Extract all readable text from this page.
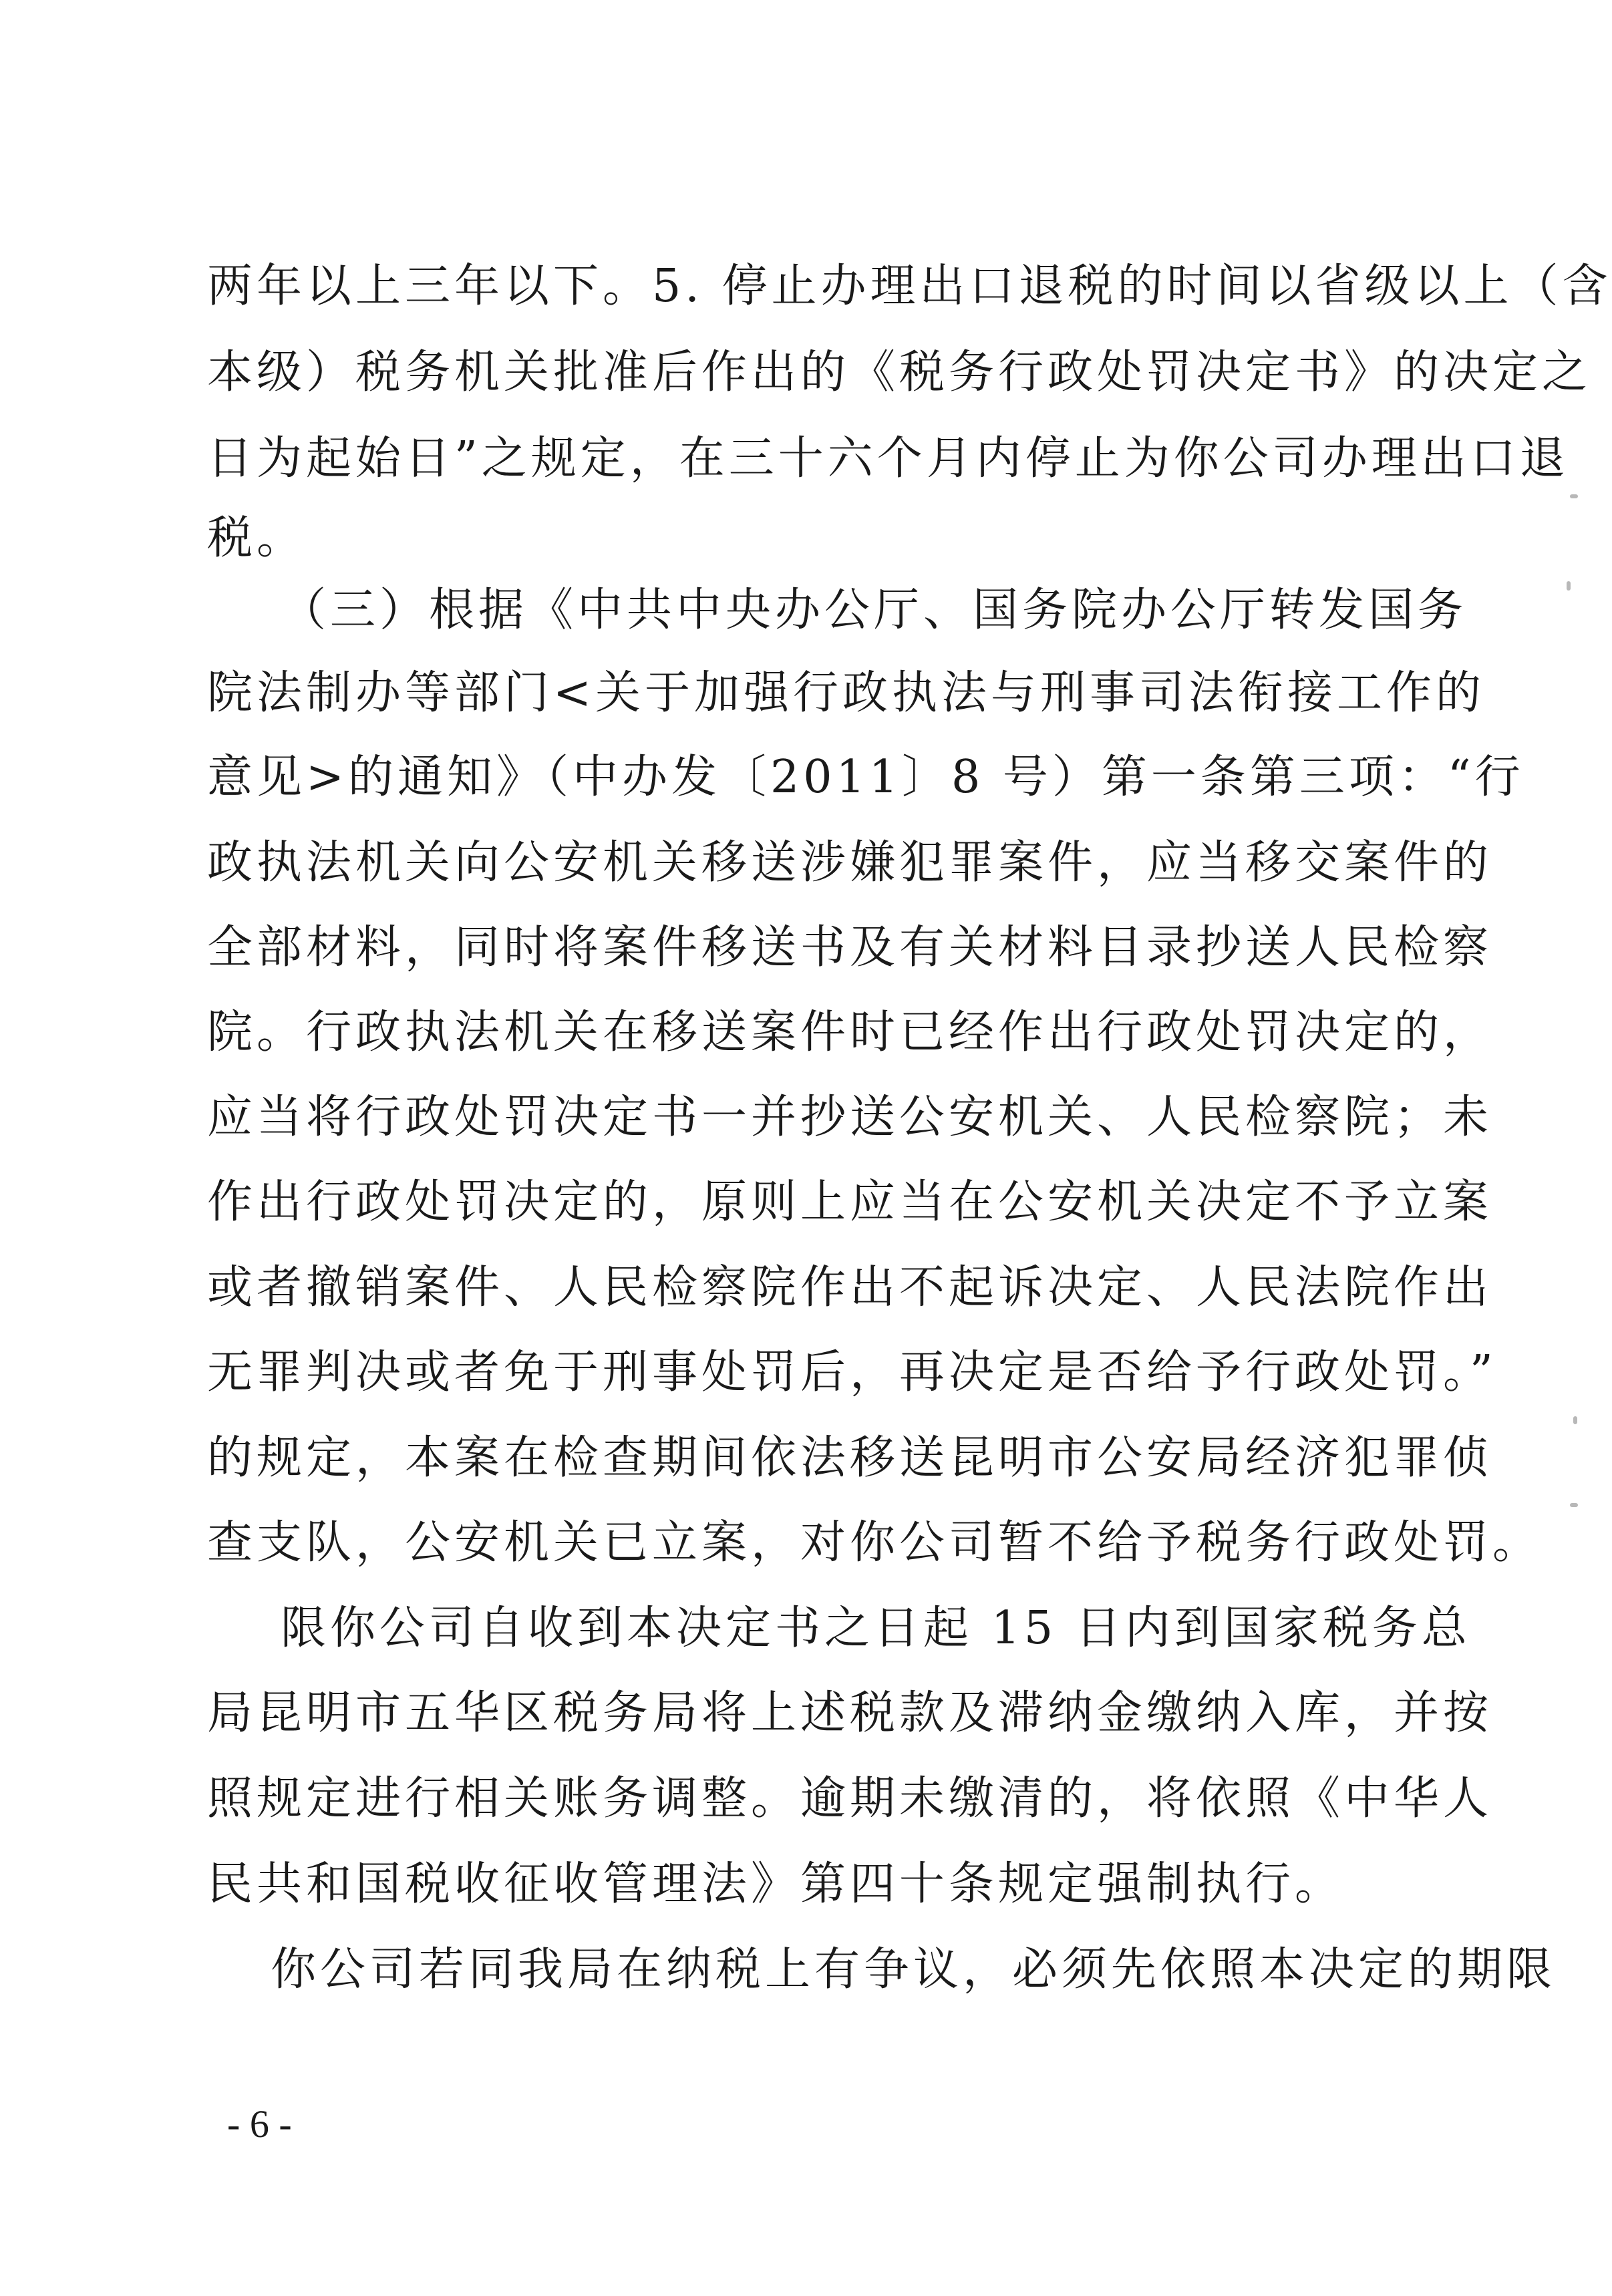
两年以上三年以下。5. 停止办理出口退税的时间以省级以上（含
本级）税务机关批准后作出的《税务行政处罚决定书》的决定之
日为起始日”之规定，在三十六个月内停止为你公司办理出口退
税。
（三）根据《中共中央办公厅、国务院办公厅转发国务
院法制办等部门<关于加强行政执法与刑事司法衔接工作的
意见>的通知》（中办发〔2011〕8 号）第一条第三项：“行
政执法机关向公安机关移送涉嫌犯罪案件，应当移交案件的
全部材料，同时将案件移送书及有关材料目录抄送人民检察
院。行政执法机关在移送案件时已经作出行政处罚决定的，
应当将行政处罚决定书一并抄送公安机关、人民检察院；未
作出行政处罚决定的，原则上应当在公安机关决定不予立案
或者撤销案件、人民检察院作出不起诉决定、人民法院作出
无罪判决或者免于刑事处罚后，再决定是否给予行政处罚。”
的规定，本案在检查期间依法移送昆明市公安局经济犯罪侦
查支队，公安机关已立案，对你公司暂不给予税务行政处罚。
限你公司自收到本决定书之日起 15 日内到国家税务总
局昆明市五华区税务局将上述税款及滞纳金缴纳入库，并按
照规定进行相关账务调整。逾期未缴清的，将依照《中华人
民共和国税收征收管理法》第四十条规定强制执行。
你公司若同我局在纳税上有争议，必须先依照本决定的期限
- 6 -
